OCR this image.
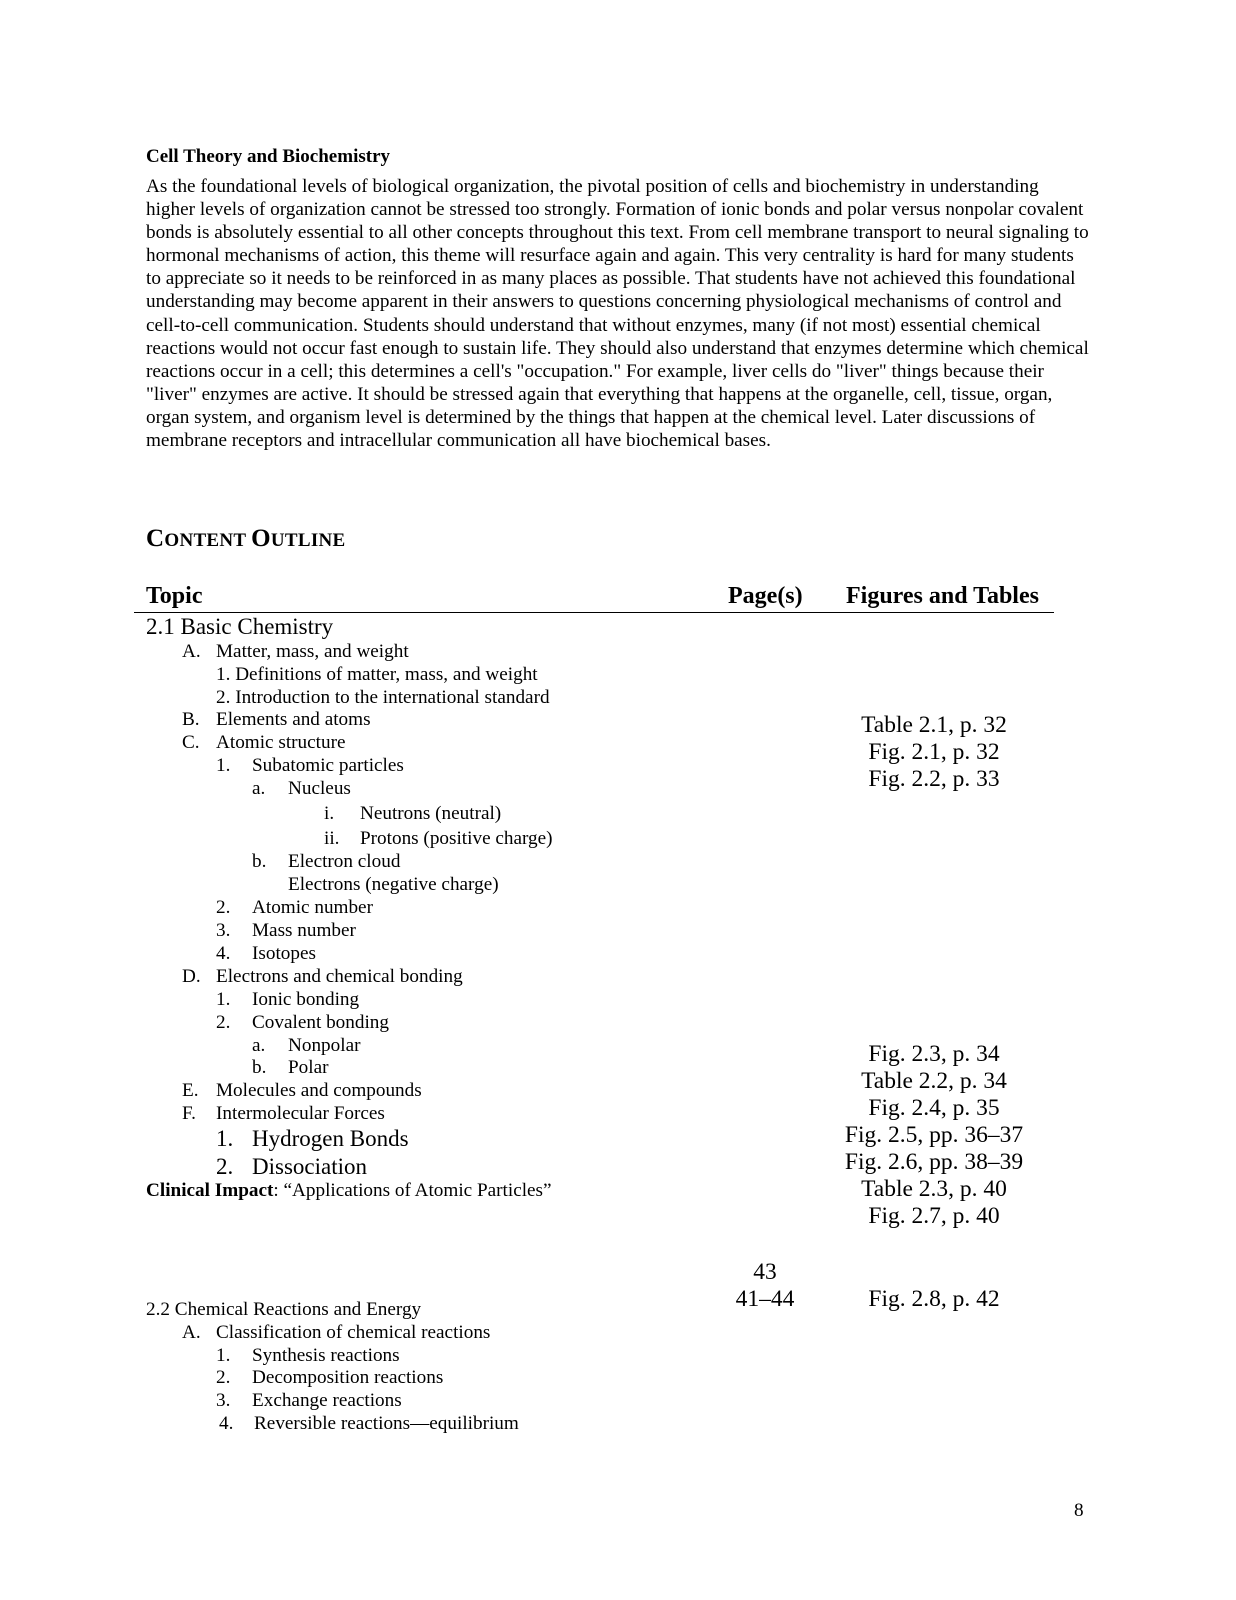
Cell Theory and Biochemistry

As the foundational levels of biological organization, the pivotal position of cells and biochemistry in understanding higher levels of organization cannot be stressed too strongly. Formation of ionic bonds and polar versus nonpolar covalent bonds is absolutely essential to all other concepts throughout this text. From cell membrane transport to neural signaling to hormonal mechanisms of action, this theme will resurface again and again. This very centrality is hard for many students to appreciate so it needs to be reinforced in as many places as possible. That students have not achieved this foundational understanding may become apparent in their answers to questions concerning physiological mechanisms of control and cell-to-cell communication. Students should understand that without enzymes, many (if not most) essential chemical reactions would not occur fast enough to sustain life. They should also understand that enzymes determine which chemical reactions occur in a cell; this determines a cell's "occupation." For example, liver cells do "liver" things because their "liver" enzymes are active. It should be stressed again that everything that happens at the organelle, cell, tissue, organ, organ system, and organism level is determined by the things that happen at the chemical level. Later discussions of membrane receptors and intracellular communication all have biochemical bases.

CONTENT OUTLINE
Topic	Page(s) Figures and Tables
2.1 Basic Chemistry
A. Matter, mass, and weight
1. Definitions of matter, mass, and weight
2. Introduction to the international standard
B. Elements and atoms
C. Atomic structure
1. Subatomic particles
a. Nucleus
i. Neutrons (neutral)
ii. Protons (positive charge)
b. Electron cloud
Electrons (negative charge)
2. Atomic number
3. Mass number
4. Isotopes
D. Electrons and chemical bonding
1. Ionic bonding
2. Covalent bonding
a. Nonpolar
b. Polar
E. Molecules and compounds
F. Intermolecular Forces
1. Hydrogen Bonds
2. Dissociation
Clinical Impact: “Applications of Atomic Particles”
2.2 Chemical Reactions and Energy
A. Classification of chemical reactions
1. Synthesis reactions
2. Decomposition reactions
3. Exchange reactions
4. Reversible reactions—equilibrium
Table 2.1, p. 32
Fig. 2.1, p. 32
Fig. 2.2, p. 33
Fig. 2.3, p. 34
Table 2.2, p. 34
Fig. 2.4, p. 35
Fig. 2.5, pp. 36–37
Fig. 2.6, pp. 38–39
Table 2.3, p. 40
Fig. 2.7, p. 40
Fig. 2.8, p. 42
43
41–44
8
